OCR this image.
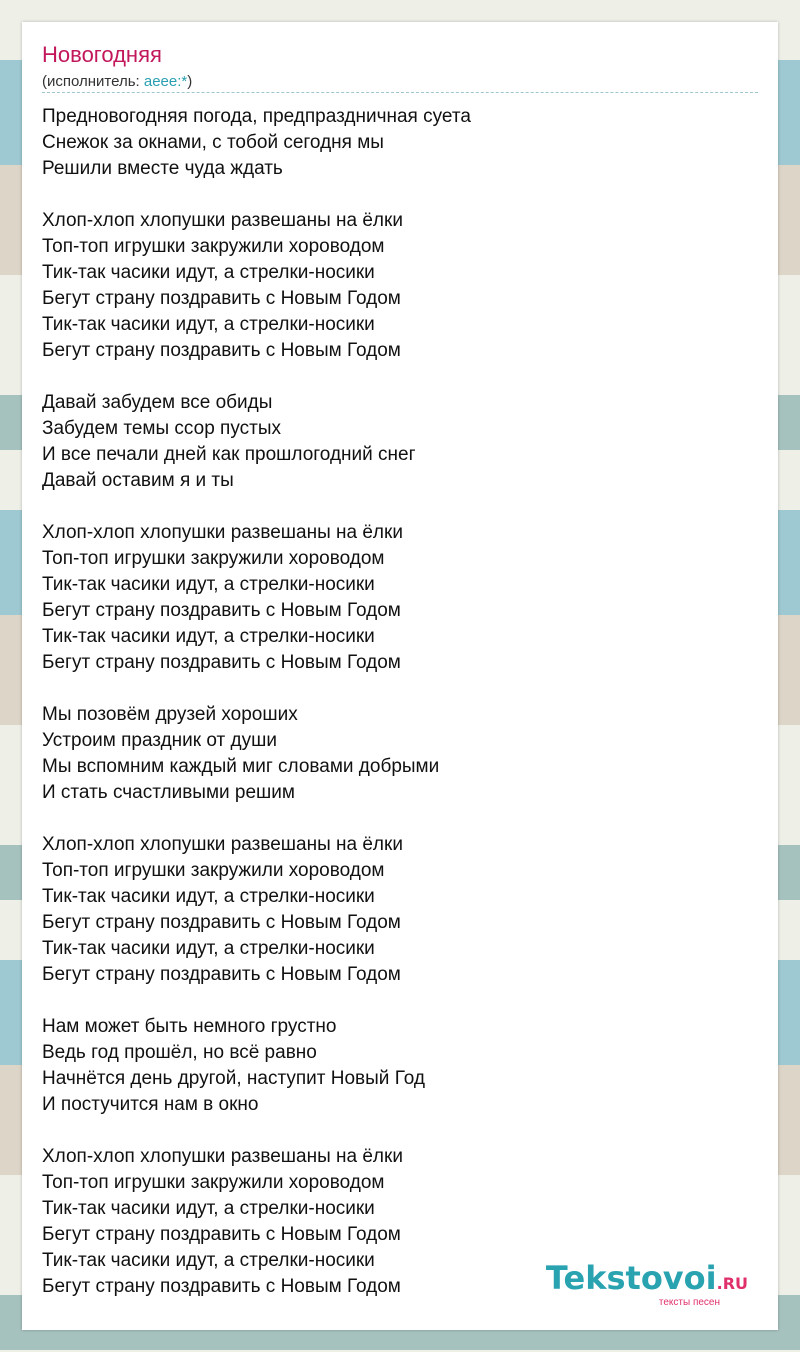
Новогодняя
(исполнитель: aeee:*)
Предновогодняя погода, предпраздничная суета
Снежок за окнами, с тобой сегодня мы
Решили вместе чуда ждать
Хлоп-хлоп хлопушки развешаны на ёлки
Топ-топ игрушки закружили хороводом
Тик-так часики идут, а стрелки-носики
Бегут страну поздравить с Новым Годом
Тик-так часики идут, а стрелки-носики
Бегут страну поздравить с Новым Годом
Давай забудем все обиды
Забудем темы ссор пустых
И все печали дней как прошлогодний снег
Давай оставим я и ты
Хлоп-хлоп хлопушки развешаны на ёлки
Топ-топ игрушки закружили хороводом
Тик-так часики идут, а стрелки-носики
Бегут страну поздравить с Новым Годом
Тик-так часики идут, а стрелки-носики
Бегут страну поздравить с Новым Годом
Мы позовём друзей хороших
Устроим праздник от души
Мы вспомним каждый миг словами добрыми
И стать счастливыми решим
Хлоп-хлоп хлопушки развешаны на ёлки
Топ-топ игрушки закружили хороводом
Тик-так часики идут, а стрелки-носики
Бегут страну поздравить с Новым Годом
Тик-так часики идут, а стрелки-носики
Бегут страну поздравить с Новым Годом
Нам может быть немного грустно
Ведь год прошёл, но всё равно
Начнётся день другой, наступит Новый Год
И постучится нам в окно
Хлоп-хлоп хлопушки развешаны на ёлки
Топ-топ игрушки закружили хороводом
Тик-так часики идут, а стрелки-носики
Бегут страну поздравить с Новым Годом
Тик-так часики идут, а стрелки-носики
Бегут страну поздравить с Новым Годом	Tekstovoi.RU
тексты песен
